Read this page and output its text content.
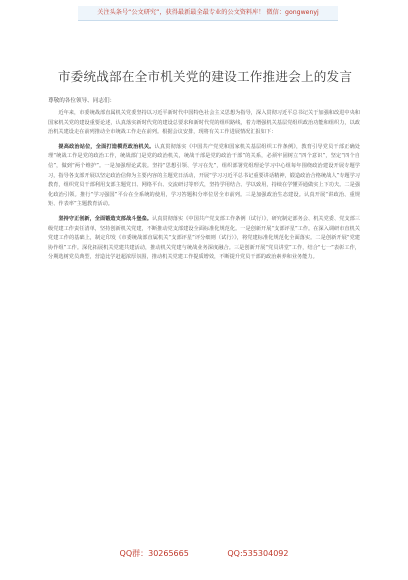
关注头条号“公文研究”，获得最新最全最专业的公文资料库！ 微信：gongwenyj
市委统战部在全市机关党的建设工作推进会上的发言

尊敬的各位领导、同志们：

近年来，市委统战部直属机关党委坚持以习近平新时代中国特色社会主义思想为指导，深入贯彻习近平总书记关于加强和改进中央和国家机关党的建设重要论述，认真落实新时代党的建设总要求和新时代党的组织路线，着力增强机关基层党组织政治功能和组织力，以政治机关建设走在前列推动全市统战工作走在前列。根据会议安排，现将有关工作进展情况汇报如下：

提高政治站位，全面打造模范政治机关。认真贯彻落实《中国共产党党和国家机关基层组织工作条例》，教育引导党员干部正确处理“统战工作是党的政治工作，统战部门是党的政治机关，统战干部是党的政治干部”的关系，必须牢固树立“四个意识”，坚定“四个自信”，做到“两个维护”。一是加强理论武装。坚持“思想引领、学习在先”，组织部署党组理论学习中心组每年围绕政治建设开展专题学习，指导各支部开展以坚定政治信仰为主要内容的主题党日活动，开展“学习习近平总书记重要讲话精神，锻造政治合格统战人”专题学习教育，组织党员干部利用支部主题党日、网络平台、交流研讨等形式，坚持学用结合、学以致用，持续在学懂弄通做实上下功夫。二是强化政治引领。推行“学习强国”平台在全系统的使用，学习答题积分率位居全市前列。三是加强政治生态建设。认真开展“讲政治、重规矩、作表率”主题教育活动。

坚持守正创新，全面锻造支部战斗堡垒。认真贯彻落实《中国共产党支部工作条例（试行）》，研究制定部务会、机关党委、党支部三级党建工作责任清单，坚持创新机关党建，不断推动党支部建设全面标准化规范化。一是创新开展“支部评星”工作。在深入调研市直机关党建工作的基础上，制定印发《市委统战部直属机关“支部评星”评分细则（试行）》，将党建标准化规范化全面落实。二是创新开展“党建协作组”工作。深化拓展机关党建共建活动，推动机关党建与统战业务深度融合。三是创新开展“党员讲堂”工作，结合“七一”表彰工作，分期选树党员典型，营造比学赶超浓厚氛围，推动机关党建工作提质增效，不断提升党员干部的政治素养和业务能力。

QQ群：30265665	QQ:535304092
